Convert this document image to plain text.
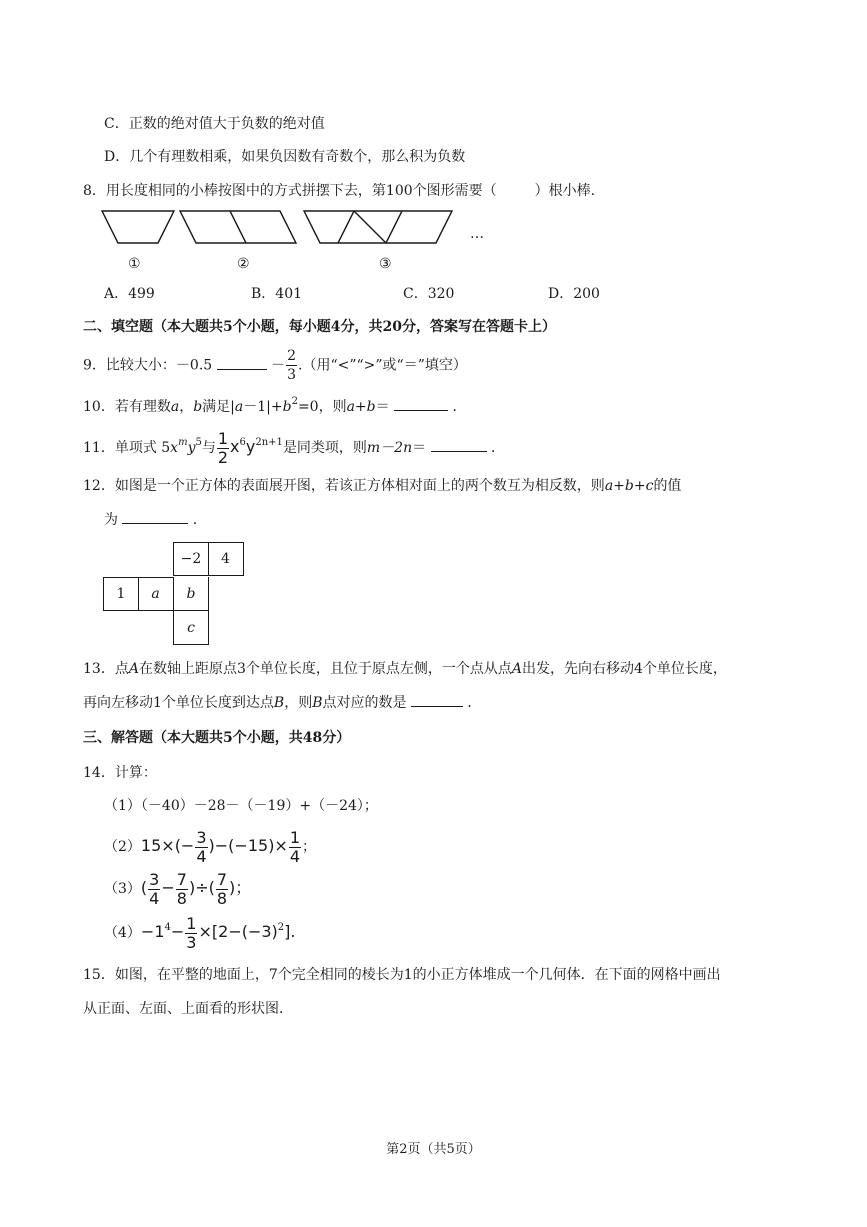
C．正数的绝对值大于负数的绝对值
D．几个有理数相乘，如果负因数有奇数个，那么积为负数
8．用长度相同的小棒按图中的方式拼摆下去，第100个图形需要（	）根小棒.
…
①	②	③
A．499	B．401	C．320	D．200
二、填空题（本大题共5个小题，每小题4分，共20分，答案写在答题卡上）
9．比较大小：－0.5	－ $\frac{2}{3}$ .（用“<”“>”或“＝”填空）
10．若有理数a，b满足$|a-1|+b^2=0$，则a+b＝	．
11．单项式 $5x^my^5$与 $\frac{1}{2} x^6y^{2n+1}$是同类项，则m－2n＝	．
12．如图是一个正方体的表面展开图，若该正方体相对面上的两个数互为相反数，则a+b+c的值
为	．
−2	4
1	a	b
c
13．点A在数轴上距原点3个单位长度，且位于原点左侧，一个点从点A出发，先向右移动4个单位长度，
再向左移动1个单位长度到达点B，则B点对应的数是	．
三、解答题（本大题共5个小题，共48分）
14．计算：
（1）（－40）－28－（－19）+（－24）；
$(2)15\times(- \frac{3}{4} )-(-15)\times \frac{1}{4}$ ；
$(3)( \frac{3}{4} - \frac{7}{8}$ )÷( $\frac{7}{8}$ )；
$(4)-1^4- \frac{1}{3} \times[2-(-3)^2]$.
15．如图，在平整的地面上，7个完全相同的棱长为1的小正方体堆成一个几何体．在下面的网格中画出
从正面、左面、上面看的形状图．
第2页（共5页）
